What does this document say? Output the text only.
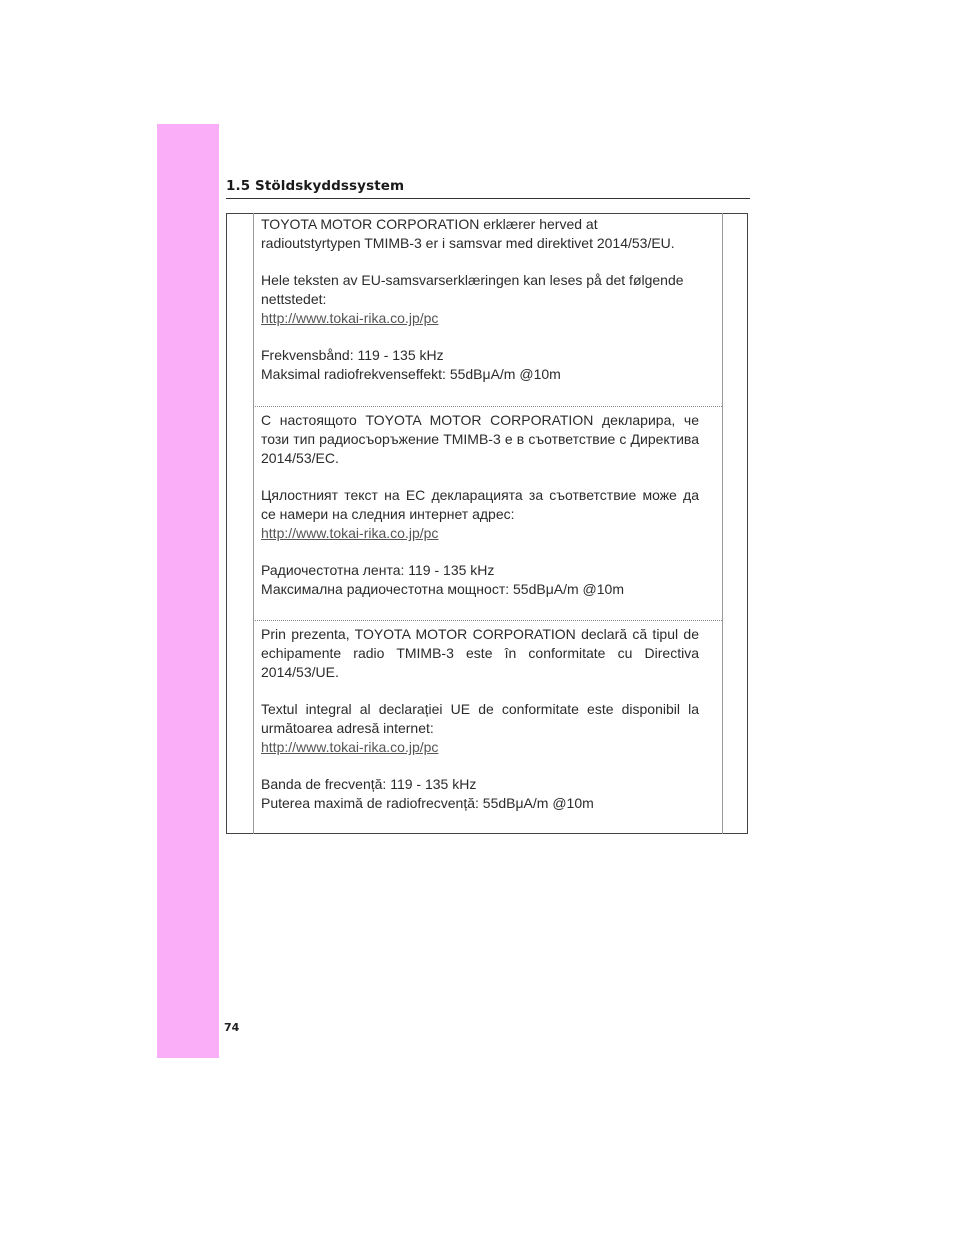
1.5 Stöldskyddssystem

TOYOTA MOTOR CORPORATION erklærer herved at radioutstyrtypen TMIMB-3 er i samsvar med direktivet 2014/53/EU.

Hele teksten av EU-samsvarserklæringen kan leses på det følgende nettstedet:

http://www.tokai-rika.co.jp/pc

Frekvensbånd: 119 - 135 kHz

Maksimal radiofrekvenseffekt: 55dBμA/m @10m

С настоящото TOYOTA MOTOR CORPORATION декларира, че този тип радиосъоръжение TMIMB-3 е в съответствие с Директива 2014/53/ЕС.

Цялостният текст на ЕС декларацията за съответствие може да се намери на следния интернет адрес:

http://www.tokai-rika.co.jp/pc

Радиочестотна лента: 119 - 135 kHz

Максимална радиочестотна мощност: 55dBμA/m @10m

Prin prezenta, TOYOTA MOTOR CORPORATION declară că tipul de echipamente radio TMIMB-3 este în conformitate cu Directiva 2014/53/UE.

Textul integral al declarației UE de conformitate este disponibil la următoarea adresă internet:

http://www.tokai-rika.co.jp/pc

Banda de frecvență: 119 - 135 kHz

Puterea maximă de radiofrecvență: 55dBμA/m @10m

74
